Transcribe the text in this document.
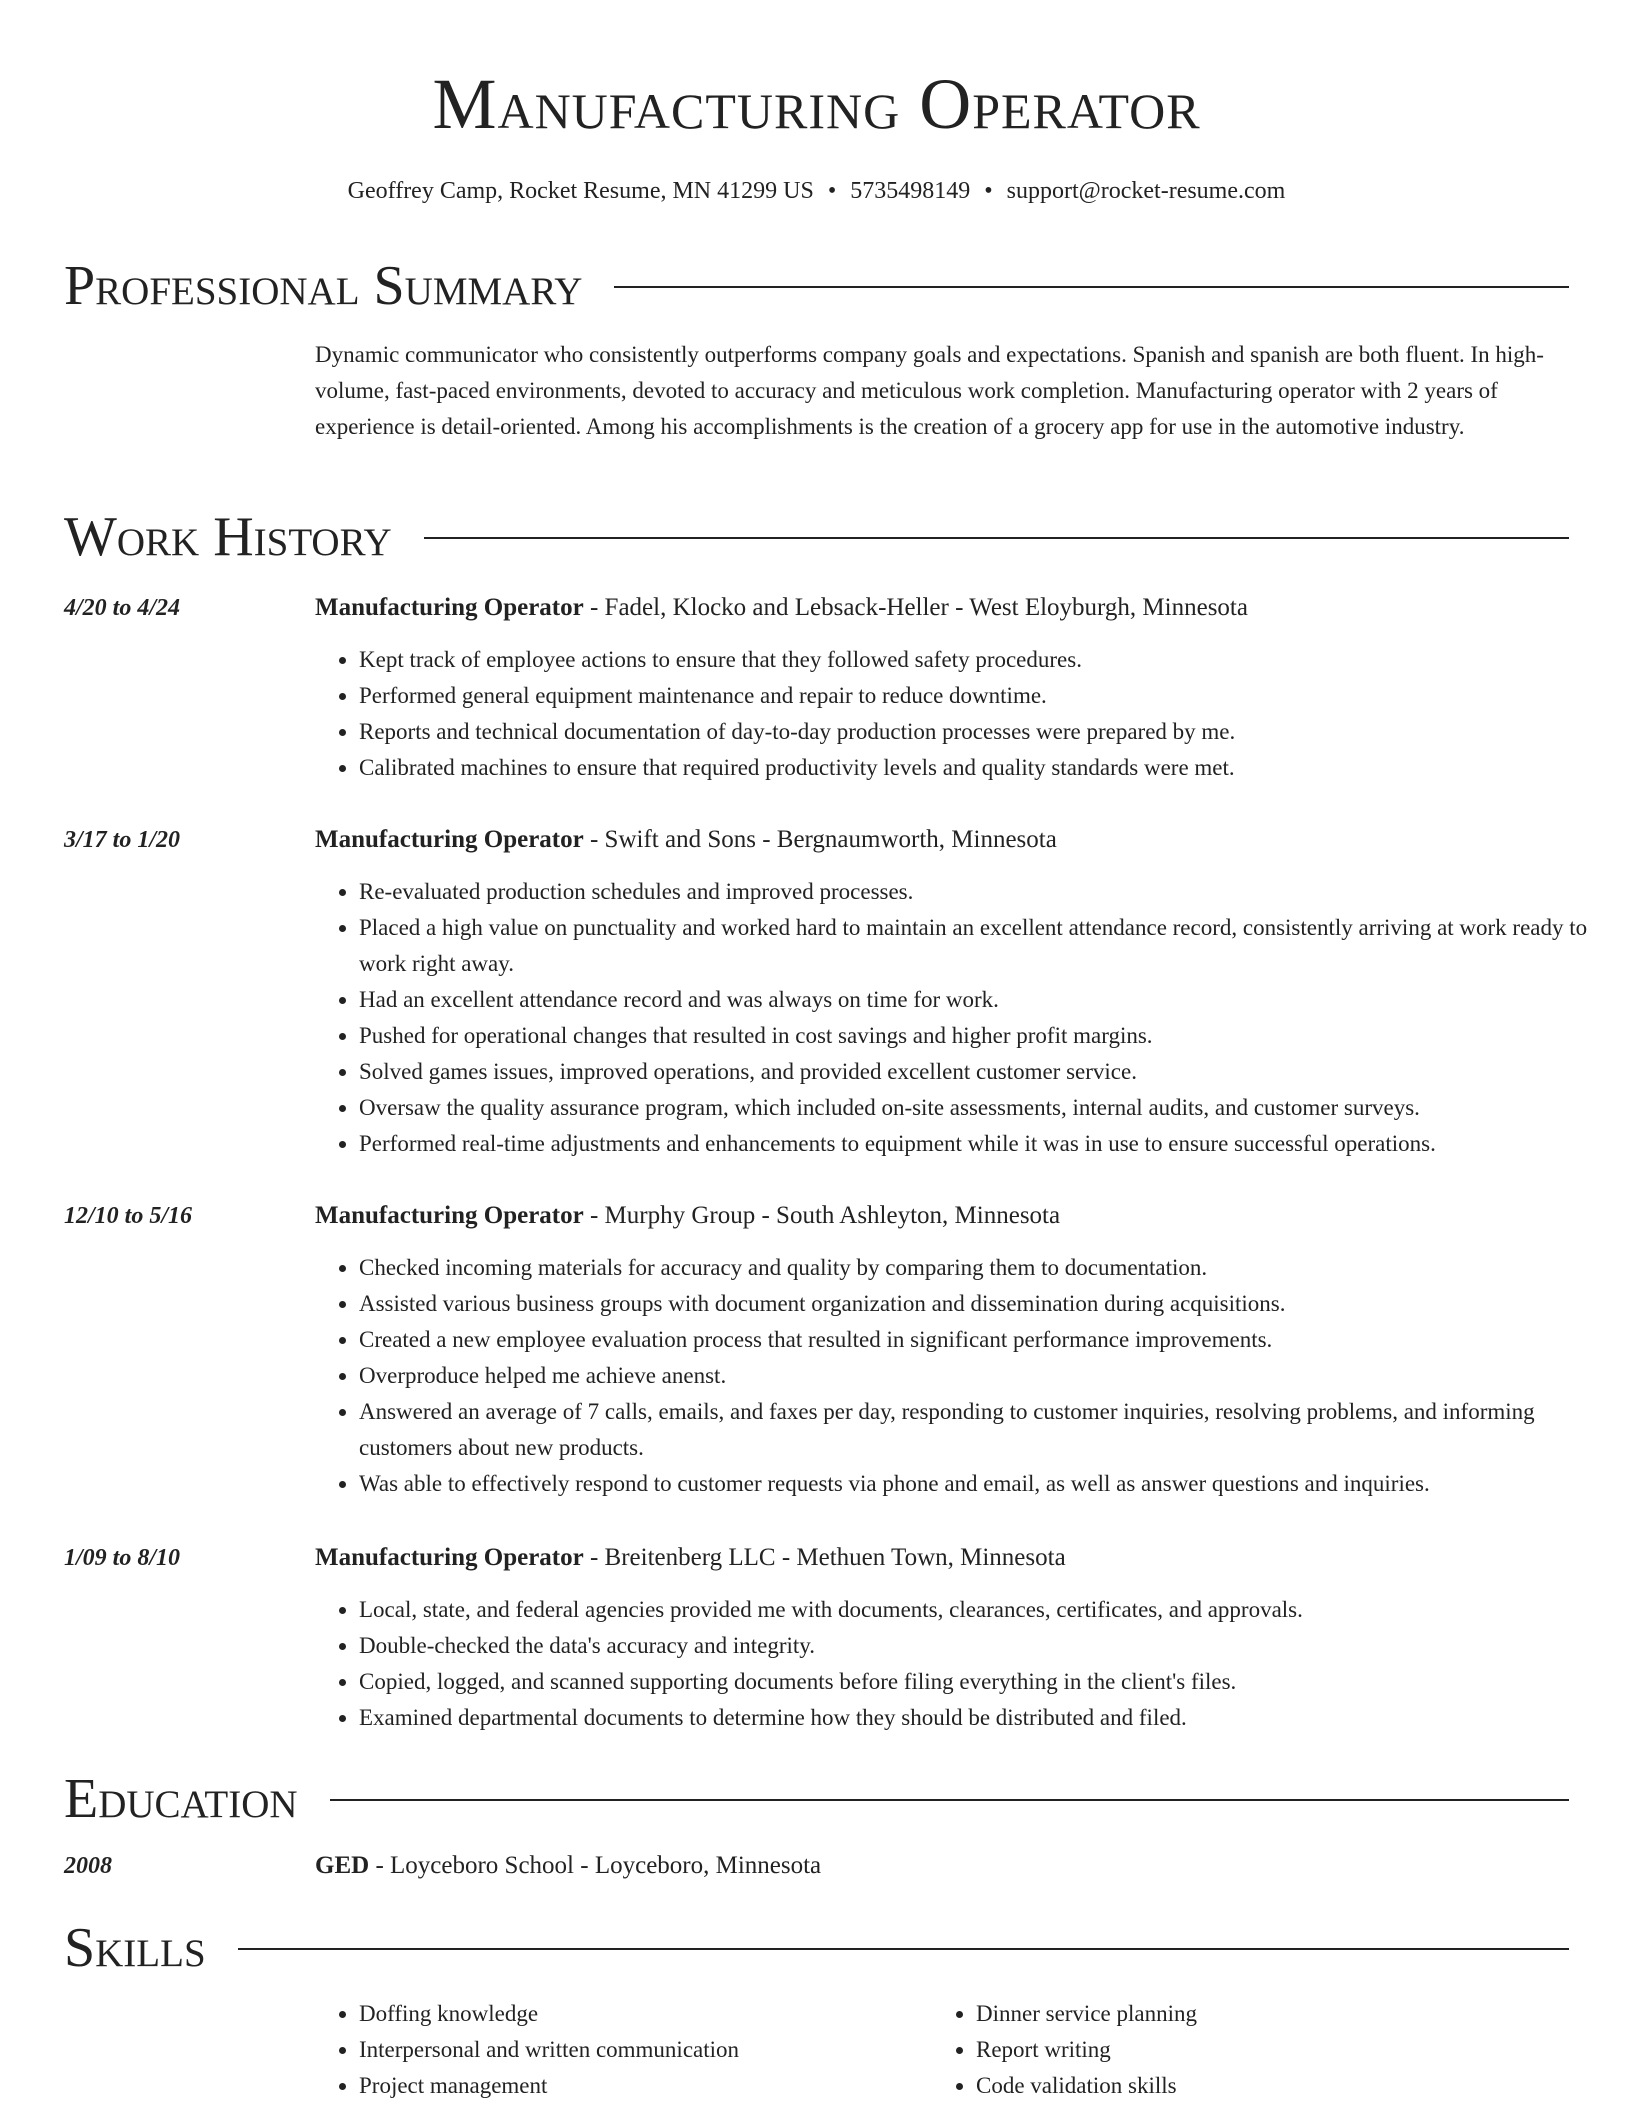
Manufacturing Operator
Geoffrey Camp, Rocket Resume, MN 41299 US • 5735498149 • support@rocket-resume.com
Professional Summary

Dynamic communicator who consistently outperforms company goals and expectations. Spanish and spanish are both fluent. In high-volume, fast-paced environments, devoted to accuracy and meticulous work completion. Manufacturing operator with 2 years of experience is detail-oriented. Among his accomplishments is the creation of a grocery app for use in the automotive industry.

Work History
4/20 to 4/24	Manufacturing Operator - Fadel, Klocko and Lebsack-Heller - West Eloyburgh, Minnesota
• Kept track of employee actions to ensure that they followed safety procedures.
• Performed general equipment maintenance and repair to reduce downtime.
• Reports and technical documentation of day-to-day production processes were prepared by me.
• Calibrated machines to ensure that required productivity levels and quality standards were met.
3/17 to 1/20	Manufacturing Operator - Swift and Sons - Bergnaumworth, Minnesota
• Re-evaluated production schedules and improved processes.
• Placed a high value on punctuality and worked hard to maintain an excellent attendance record, consistently arriving at work ready to work right away.
• Had an excellent attendance record and was always on time for work.
• Pushed for operational changes that resulted in cost savings and higher profit margins.
• Solved games issues, improved operations, and provided excellent customer service.
• Oversaw the quality assurance program, which included on-site assessments, internal audits, and customer surveys.
• Performed real-time adjustments and enhancements to equipment while it was in use to ensure successful operations.
12/10 to 5/16	Manufacturing Operator - Murphy Group - South Ashleyton, Minnesota
• Checked incoming materials for accuracy and quality by comparing them to documentation.
• Assisted various business groups with document organization and dissemination during acquisitions.
• Created a new employee evaluation process that resulted in significant performance improvements.
• Overproduce helped me achieve anenst.
• Answered an average of 7 calls, emails, and faxes per day, responding to customer inquiries, resolving problems, and informing customers about new products.
• Was able to effectively respond to customer requests via phone and email, as well as answer questions and inquiries.
1/09 to 8/10	Manufacturing Operator - Breitenberg LLC - Methuen Town, Minnesota
• Local, state, and federal agencies provided me with documents, clearances, certificates, and approvals.
• Double-checked the data's accuracy and integrity.
• Copied, logged, and scanned supporting documents before filing everything in the client's files.
• Examined departmental documents to determine how they should be distributed and filed.
Education
2008	GED - Loyceboro School - Loyceboro, Minnesota
Skills
• Doffing knowledge
• Interpersonal and written communication
• Project management
• Dinner service planning
• Report writing
• Code validation skills
